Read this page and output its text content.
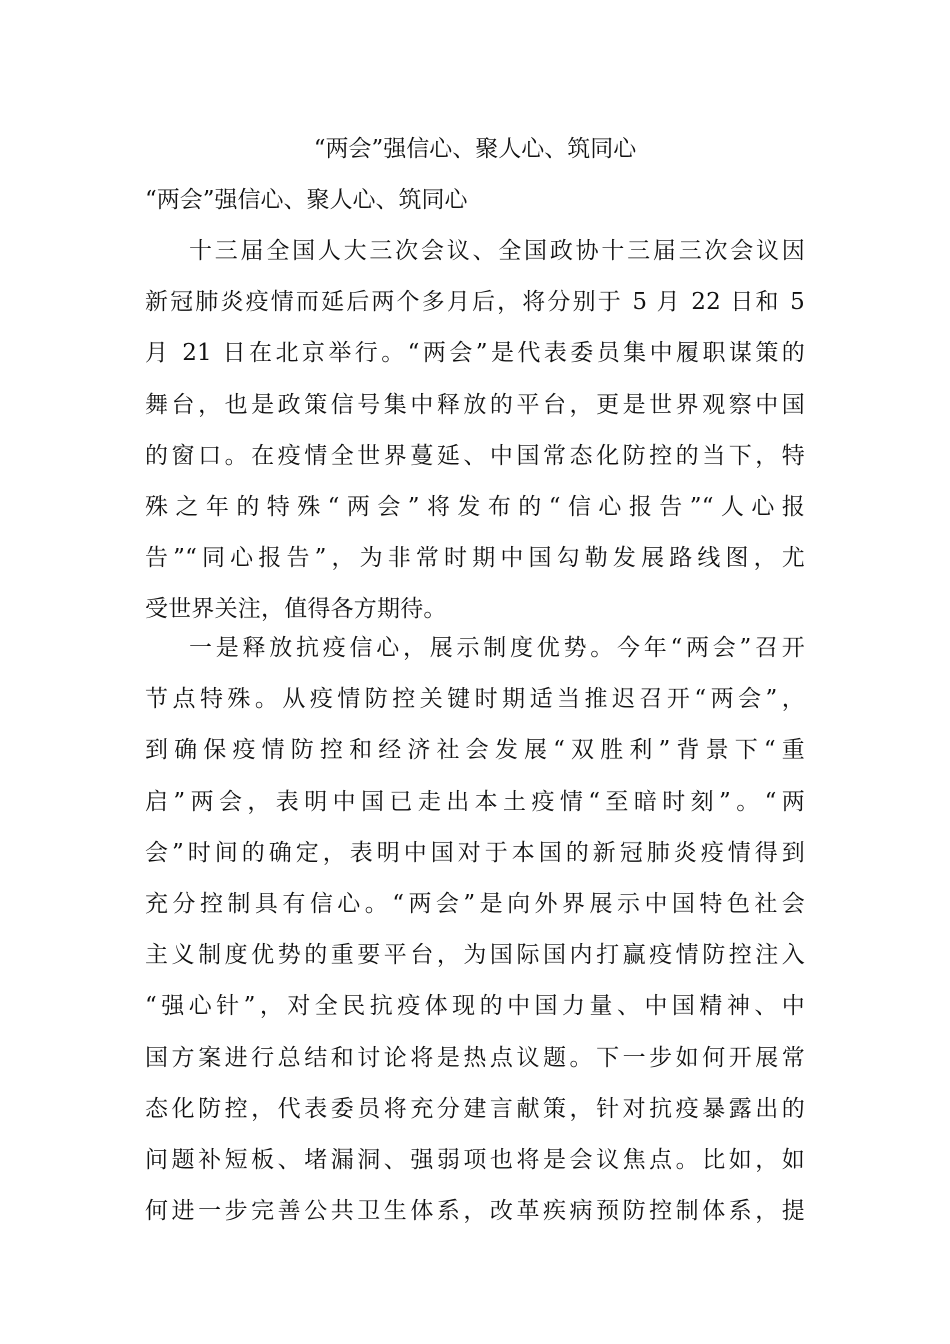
“两会”强信心、聚人心、筑同心

“两会”强信心、聚人心、筑同心

十三届全国人大三次会议、全国政协十三届三次会议因
新冠肺炎疫情而延后两个多月后，将分别于 5 月 22 日和 5
月 21 日在北京举行。“两会”是代表委员集中履职谋策的
舞台，也是政策信号集中释放的平台，更是世界观察中国
的窗口。在疫情全世界蔓延、中国常态化防控的当下，特
殊之年的特殊“两会”将发布的“信心报告”“人心报
告”“同心报告”，为非常时期中国勾勒发展路线图，尤
受世界关注，值得各方期待。
一是释放抗疫信心，展示制度优势。今年“两会”召开
节点特殊。从疫情防控关键时期适当推迟召开“两会”，
到确保疫情防控和经济社会发展“双胜利”背景下“重
启”两会，表明中国已走出本土疫情“至暗时刻”。“两
会”时间的确定，表明中国对于本国的新冠肺炎疫情得到
充分控制具有信心。“两会”是向外界展示中国特色社会
主义制度优势的重要平台，为国际国内打赢疫情防控注入
“强心针”，对全民抗疫体现的中国力量、中国精神、中
国方案进行总结和讨论将是热点议题。下一步如何开展常
态化防控，代表委员将充分建言献策，针对抗疫暴露出的
问题补短板、堵漏洞、强弱项也将是会议焦点。比如，如
何进一步完善公共卫生体系，改革疾病预防控制体系，提
